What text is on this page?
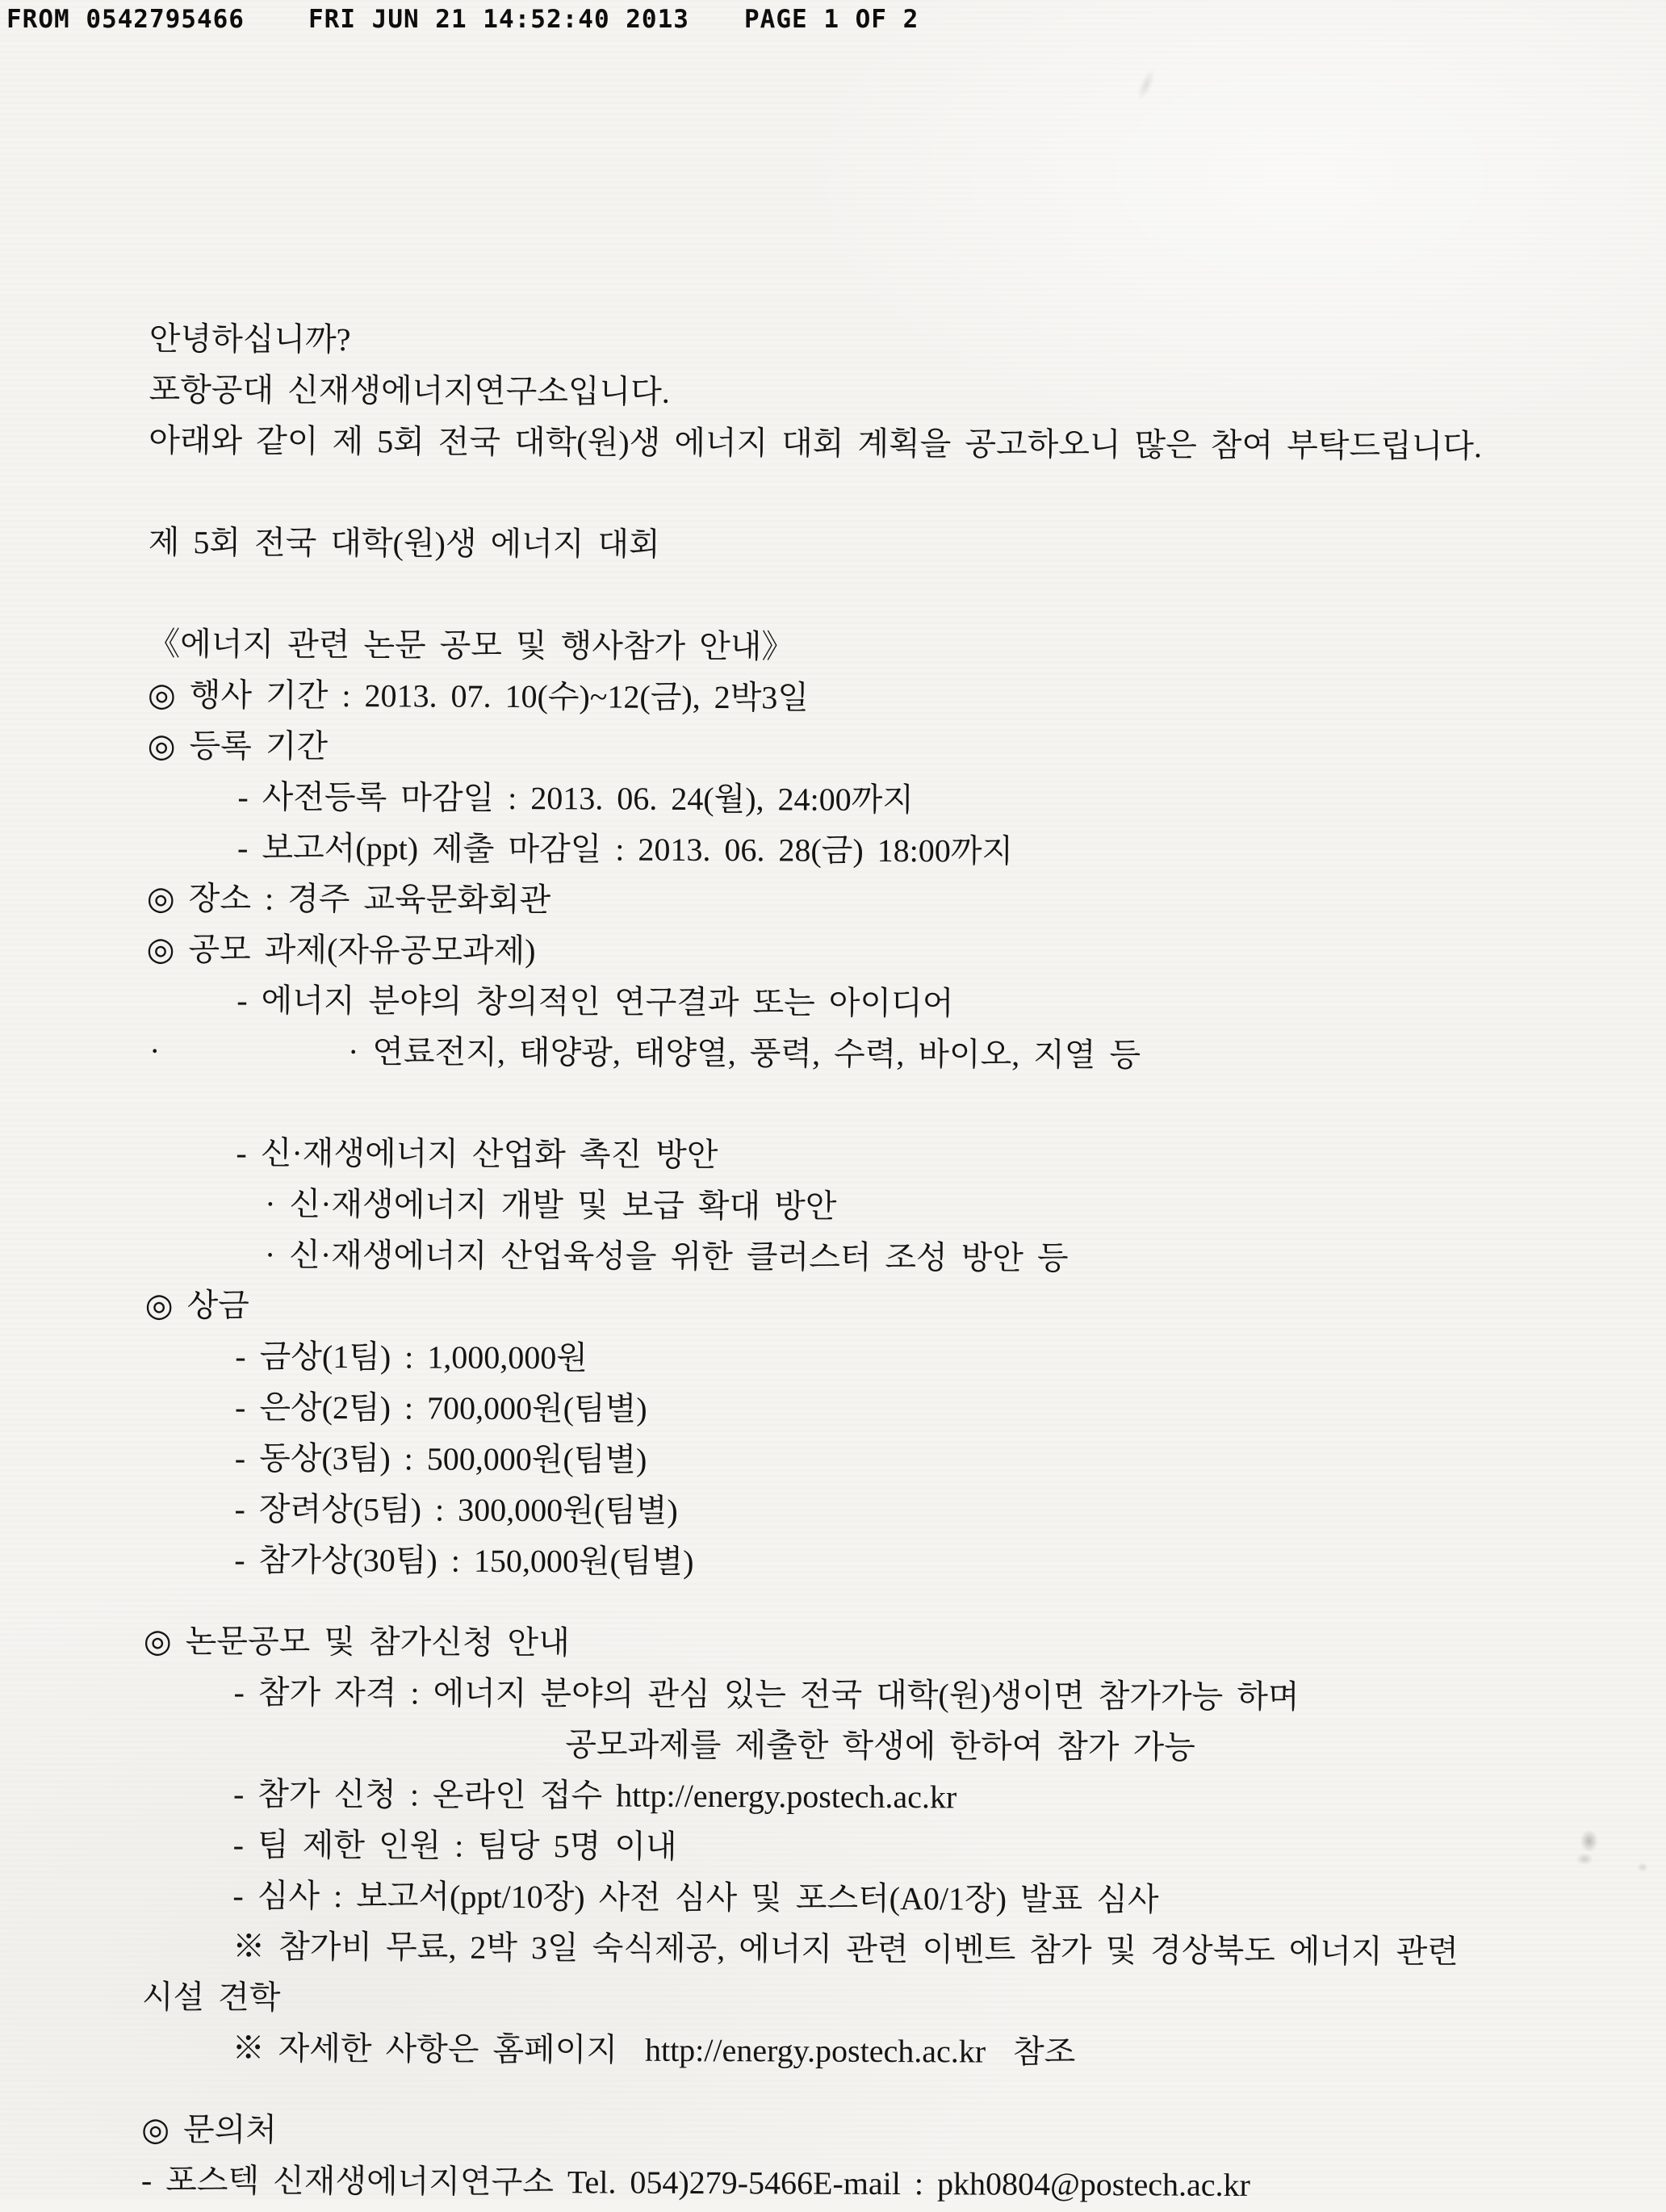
FROM 0542795466

	FRI JUN 21 14:52:40 2013

PAGE 1 OF 2

안녕하십니까?
포항공대 신재생에너지연구소입니다.
아래와 같이 제 5회 전국 대학(원)생 에너지 대회 계획을 공고하오니 많은 참여 부탁드립니다.
제 5회 전국 대학(원)생 에너지 대회
《에너지 관련 논문 공모 및 행사참가 안내》
◎ 행사 기간 : 2013. 07. 10(수)~12(금), 2박3일
◎ 등록 기간
- 사전등록 마감일 : 2013. 06. 24(월), 24:00까지
- 보고서(ppt) 제출 마감일 : 2013. 06. 28(금) 18:00까지
◎ 장소 : 경주 교육문화회관
◎ 공모 과제(자유공모과제)
- 에너지 분야의 창의적인 연구결과 또는 아이디어
·	· 연료전지, 태양광, 태양열, 풍력, 수력, 바이오, 지열 등
- 신·재생에너지 산업화 촉진 방안
· 신·재생에너지 개발 및 보급 확대 방안
· 신·재생에너지 산업육성을 위한 클러스터 조성 방안 등
◎ 상금
- 금상(1팀) : 1,000,000원
- 은상(2팀) : 700,000원(팀별)
- 동상(3팀) : 500,000원(팀별)
- 장려상(5팀) : 300,000원(팀별)
- 참가상(30팀) : 150,000원(팀별)
◎ 논문공모 및 참가신청 안내
- 참가 자격 : 에너지 분야의 관심 있는 전국 대학(원)생이면 참가가능 하며
공모과제를 제출한 학생에 한하여 참가 가능
- 참가 신청 : 온라인 접수 http://energy.postech.ac.kr
- 팀 제한 인원 : 팀당 5명 이내
- 심사 : 보고서(ppt/10장) 사전 심사 및 포스터(A0/1장) 발표 심사
※ 참가비 무료, 2박 3일 숙식제공, 에너지 관련 이벤트 참가 및 경상북도 에너지 관련
시설 견학
※ 자세한 사항은 홈페이지  http://energy.postech.ac.kr  참조
◎ 문의처
- 포스텍 신재생에너지연구소 Tel. 054)279-5466E-mail : pkh0804@postech.ac.kr
